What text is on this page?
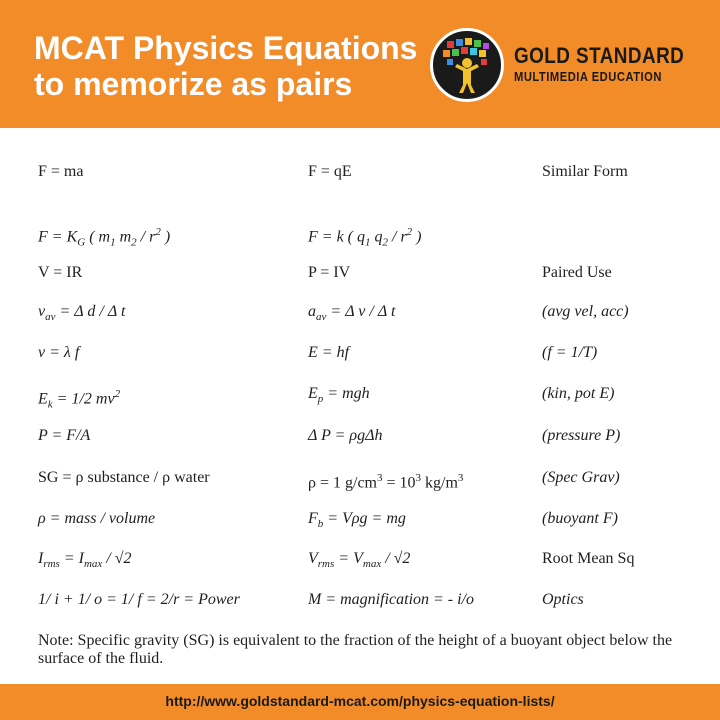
MCAT Physics Equations
to memorize as pairs
GOLD STANDARD
MULTIMEDIA EDUCATION
F = ma	F = qE	Similar Form
$F = K_G$ ( $m_1$ $m_2 / r^2$ )	F = k ( $q_1$ $q_2 / r^2$ )
V = IR	P = IV	Paired Use
$v_{av} = \Delta$ d / Δ t	$a_{av} = \Delta$ v / Δ t	(avg vel, acc)
v = λ f	E = hf	(f = 1/T)
$E_k = 1/2$ $mv^2$	$E_p$ = mgh	(kin, pot E)
P = F/A	Δ P = ρgΔh	(pressure P)
SG = ρ substance / ρ water	ρ = 1 $g/cm^3 = 10^3$ $kg/m^3$	(Spec Grav)
ρ = mass / volume	$F_b = V\rho g$ = mg	(buoyant F)
$I_{rms} = I_{max} / √2$	$V_{rms} = V_{max} / √2$	Root Mean Sq
1/ i + 1/ o = 1/ f = 2/r = Power	M = magnification = - i/o	Optics
Note: Specific gravity (SG) is equivalent to the fraction of the height of a buoyant object below the surface of the fluid.
http://www.goldstandard-mcat.com/physics-equation-lists/
